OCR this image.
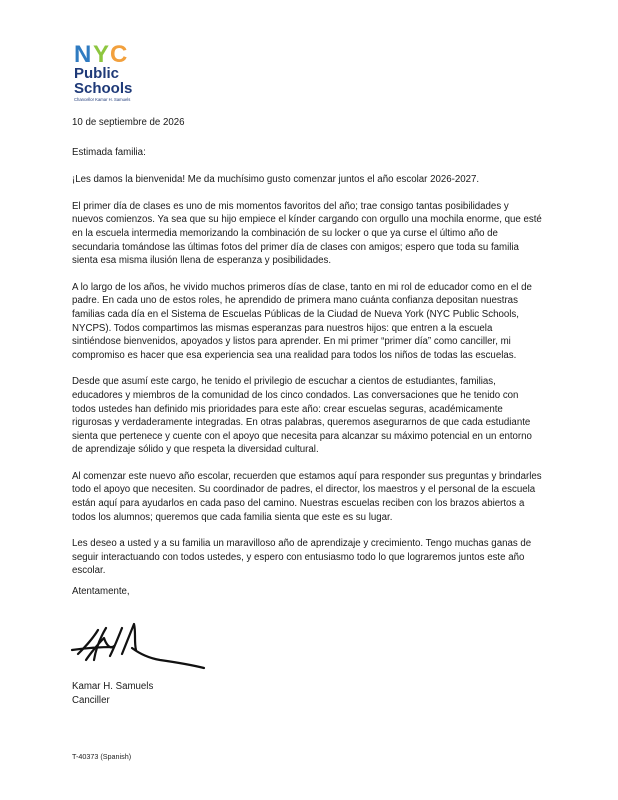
N Y C
Public
Schools
Chancellor Kamar H. Samuels

10 de septiembre de 2026

Estimada familia:

¡Les damos la bienvenida! Me da muchísimo gusto comenzar juntos el año escolar 2026-2027.

El primer día de clases es uno de mis momentos favoritos del año; trae consigo tantas posibilidades y nuevos comienzos. Ya sea que su hijo empiece el kínder cargando con orgullo una mochila enorme, que esté en la escuela intermedia memorizando la combinación de su locker o que ya curse el último año de secundaria tomándose las últimas fotos del primer día de clases con amigos; espero que toda su familia sienta esa misma ilusión llena de esperanza y posibilidades.

A lo largo de los años, he vivido muchos primeros días de clase, tanto en mi rol de educador como en el de padre. En cada uno de estos roles, he aprendido de primera mano cuánta confianza depositan nuestras familias cada día en el Sistema de Escuelas Públicas de la Ciudad de Nueva York (NYC Public Schools, NYCPS). Todos compartimos las mismas esperanzas para nuestros hijos: que entren a la escuela sintiéndose bienvenidos, apoyados y listos para aprender. En mi primer “primer día” como canciller, mi compromiso es hacer que esa experiencia sea una realidad para todos los niños de todas las escuelas.

Desde que asumí este cargo, he tenido el privilegio de escuchar a cientos de estudiantes, familias, educadores y miembros de la comunidad de los cinco condados. Las conversaciones que he tenido con todos ustedes han definido mis prioridades para este año: crear escuelas seguras, académicamente rigurosas y verdaderamente integradas. En otras palabras, queremos asegurarnos de que cada estudiante sienta que pertenece y cuente con el apoyo que necesita para alcanzar su máximo potencial en un entorno de aprendizaje sólido y que respeta la diversidad cultural.

Al comenzar este nuevo año escolar, recuerden que estamos aquí para responder sus preguntas y brindarles todo el apoyo que necesiten. Su coordinador de padres, el director, los maestros y el personal de la escuela están aquí para ayudarlos en cada paso del camino. Nuestras escuelas reciben con los brazos abiertos a todos los alumnos; queremos que cada familia sienta que este es su lugar.

Les deseo a usted y a su familia un maravilloso año de aprendizaje y crecimiento. Tengo muchas ganas de seguir interactuando con todos ustedes, y espero con entusiasmo todo lo que lograremos juntos este año escolar.

Atentamente,

Kamar H. Samuels

Canciller

T-40373 (Spanish)
